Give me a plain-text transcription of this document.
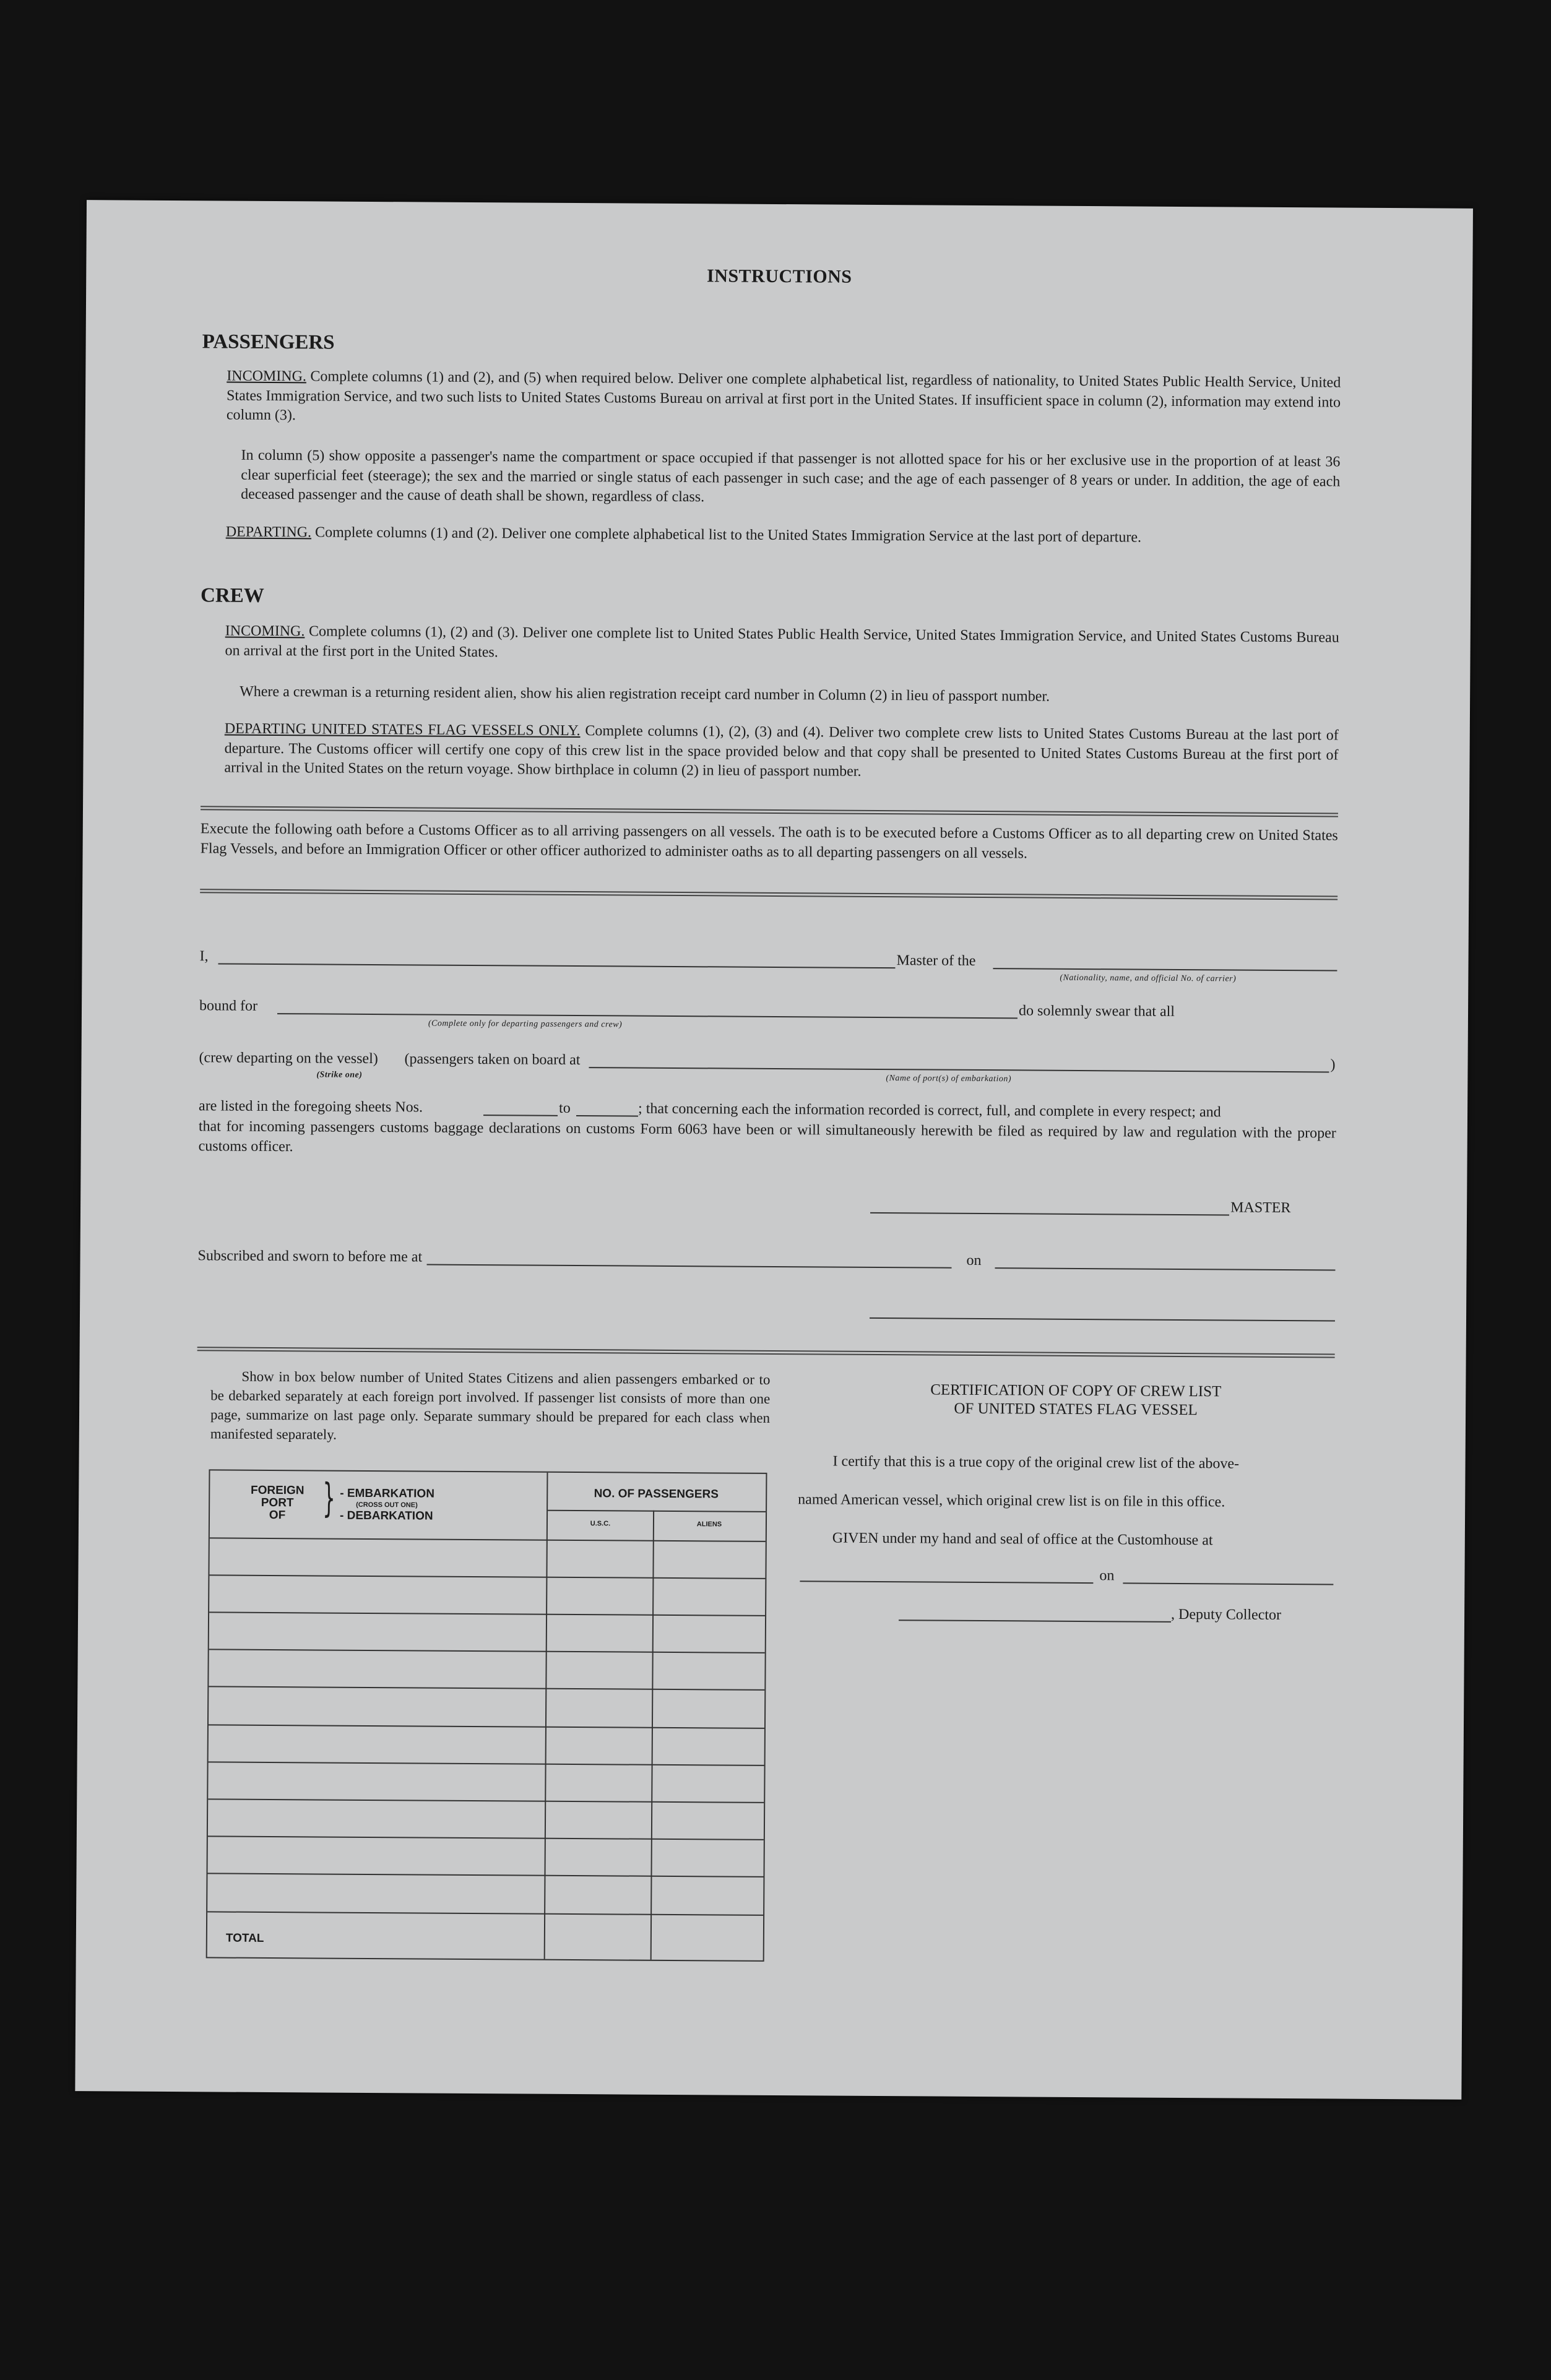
INSTRUCTIONS
PASSENGERS
INCOMING. Complete columns (1) and (2), and (5) when required below. Deliver one complete alphabetical list, regardless of nationality, to United States Public Health Service, United States Immigration Service, and two such lists to United States Customs Bureau on arrival at first port in the United States. If insufficient space in column (2), information may extend into column (3).
In column (5) show opposite a passenger's name the compartment or space occupied if that passenger is not allotted space for his or her exclusive use in the proportion of at least 36 clear superficial feet (steerage); the sex and the married or single status of each passenger in such case; and the age of each passenger of 8 years or under. In addition, the age of each deceased passenger and the cause of death shall be shown, regardless of class.
DEPARTING. Complete columns (1) and (2). Deliver one complete alphabetical list to the United States Immigration Service at the last port of departure.
CREW
INCOMING. Complete columns (1), (2) and (3). Deliver one complete list to United States Public Health Service, United States Immigration Service, and United States Customs Bureau on arrival at the first port in the United States.
Where a crewman is a returning resident alien, show his alien registration receipt card number in Column (2) in lieu of passport number.
DEPARTING UNITED STATES FLAG VESSELS ONLY. Complete columns (1), (2), (3) and (4). Deliver two complete crew lists to United States Customs Bureau at the last port of departure. The Customs officer will certify one copy of this crew list in the space provided below and that copy shall be presented to United States Customs Bureau at the first port of arrival in the United States on the return voyage. Show birthplace in column (2) in lieu of passport number.
Execute the following oath before a Customs Officer as to all arriving passengers on all vessels. The oath is to be executed before a Customs Officer as to all departing crew on United States Flag Vessels, and before an Immigration Officer or other officer authorized to administer oaths as to all departing passengers on all vessels.
I,	Master of the
(Nationality, name, and official No. of carrier)
bound for
(Complete only for departing passengers and crew)
do solemnly swear that all
(crew departing on the vessel) (passengers taken on board at	)
(Strike one)	(Name of port(s) of embarkation)
are listed in the foregoing sheets Nos.	to	; that concerning each the information recorded is correct, full, and complete in every respect; and
that for incoming passengers customs baggage declarations on customs Form 6063 have been or will simultaneously herewith be filed as required by law and regulation with the proper customs officer.
MASTER
Subscribed and sworn to before me at	on
Show in box below number of United States Citizens and alien passengers embarked or to be debarked separately at each foreign port involved. If passenger list consists of more than one page, summarize on last page only. Separate summary should be prepared for each class when manifested separately.
FOREIGN
PORT
OF } - EMBARKATION
(CROSS OUT ONE)
- DEBARKATION
NO. OF PASSENGERS
U.S.C.	ALIENS
TOTAL
CERTIFICATION OF COPY OF CREW LIST
OF UNITED STATES FLAG VESSEL
I certify that this is a true copy of the original crew list of the above-
named American vessel, which original crew list is on file in this office.
GIVEN under my hand and seal of office at the Customhouse at
on
, Deputy Collector
